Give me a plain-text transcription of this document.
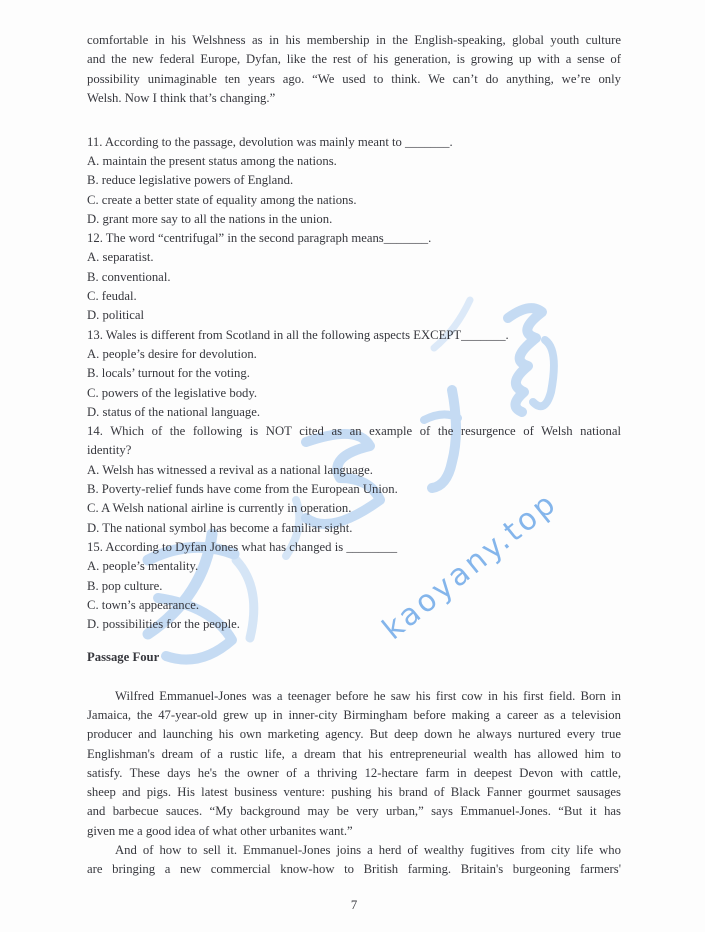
kaoyany.top
comfortable in his Welshness as in his membership in the English-speaking, global youth culture
and the new federal Europe, Dyfan, like the rest of his generation, is growing up with a sense of
possibility unimaginable ten years ago. “We used to think. We can’t do anything, we’re only
Welsh. Now I think that’s changing.”
11. According to the passage, devolution was mainly meant to _______.
A. maintain the present status among the nations.
B. reduce legislative powers of England.
C. create a better state of equality among the nations.
D. grant more say to all the nations in the union.
12. The word “centrifugal” in the second paragraph means_______.
A. separatist.
B. conventional.
C. feudal.
D. political
13. Wales is different from Scotland in all the following aspects EXCEPT_______.
A. people’s desire for devolution.
B. locals’ turnout for the voting.
C. powers of the legislative body.
D. status of the national language.
14. Which of the following is NOT cited as an example of the resurgence of Welsh national
identity?
A. Welsh has witnessed a revival as a national language.
B. Poverty-relief funds have come from the European Union.
C. A Welsh national airline is currently in operation.
D. The national symbol has become a familiar sight.
15. According to Dyfan Jones what has changed is ________
A. people’s mentality.
B. pop culture.
C. town’s appearance.
D. possibilities for the people.
Passage Four
Wilfred Emmanuel-Jones was a teenager before he saw his first cow in his first field. Born in
Jamaica, the 47-year-old grew up in inner-city Birmingham before making a career as a television
producer and launching his own marketing agency. But deep down he always nurtured every true
Englishman's dream of a rustic life, a dream that his entrepreneurial wealth has allowed him to
satisfy. These days he's the owner of a thriving 12-hectare farm in deepest Devon with cattle,
sheep and pigs. His latest business venture: pushing his brand of Black Fanner gourmet sausages
and barbecue sauces. “My background may be very urban,” says Emmanuel-Jones. “But it has
given me a good idea of what other urbanites want.”
And of how to sell it. Emmanuel-Jones joins a herd of wealthy fugitives from city life who
are bringing a new commercial know-how to British farming. Britain's burgeoning farmers'
7
